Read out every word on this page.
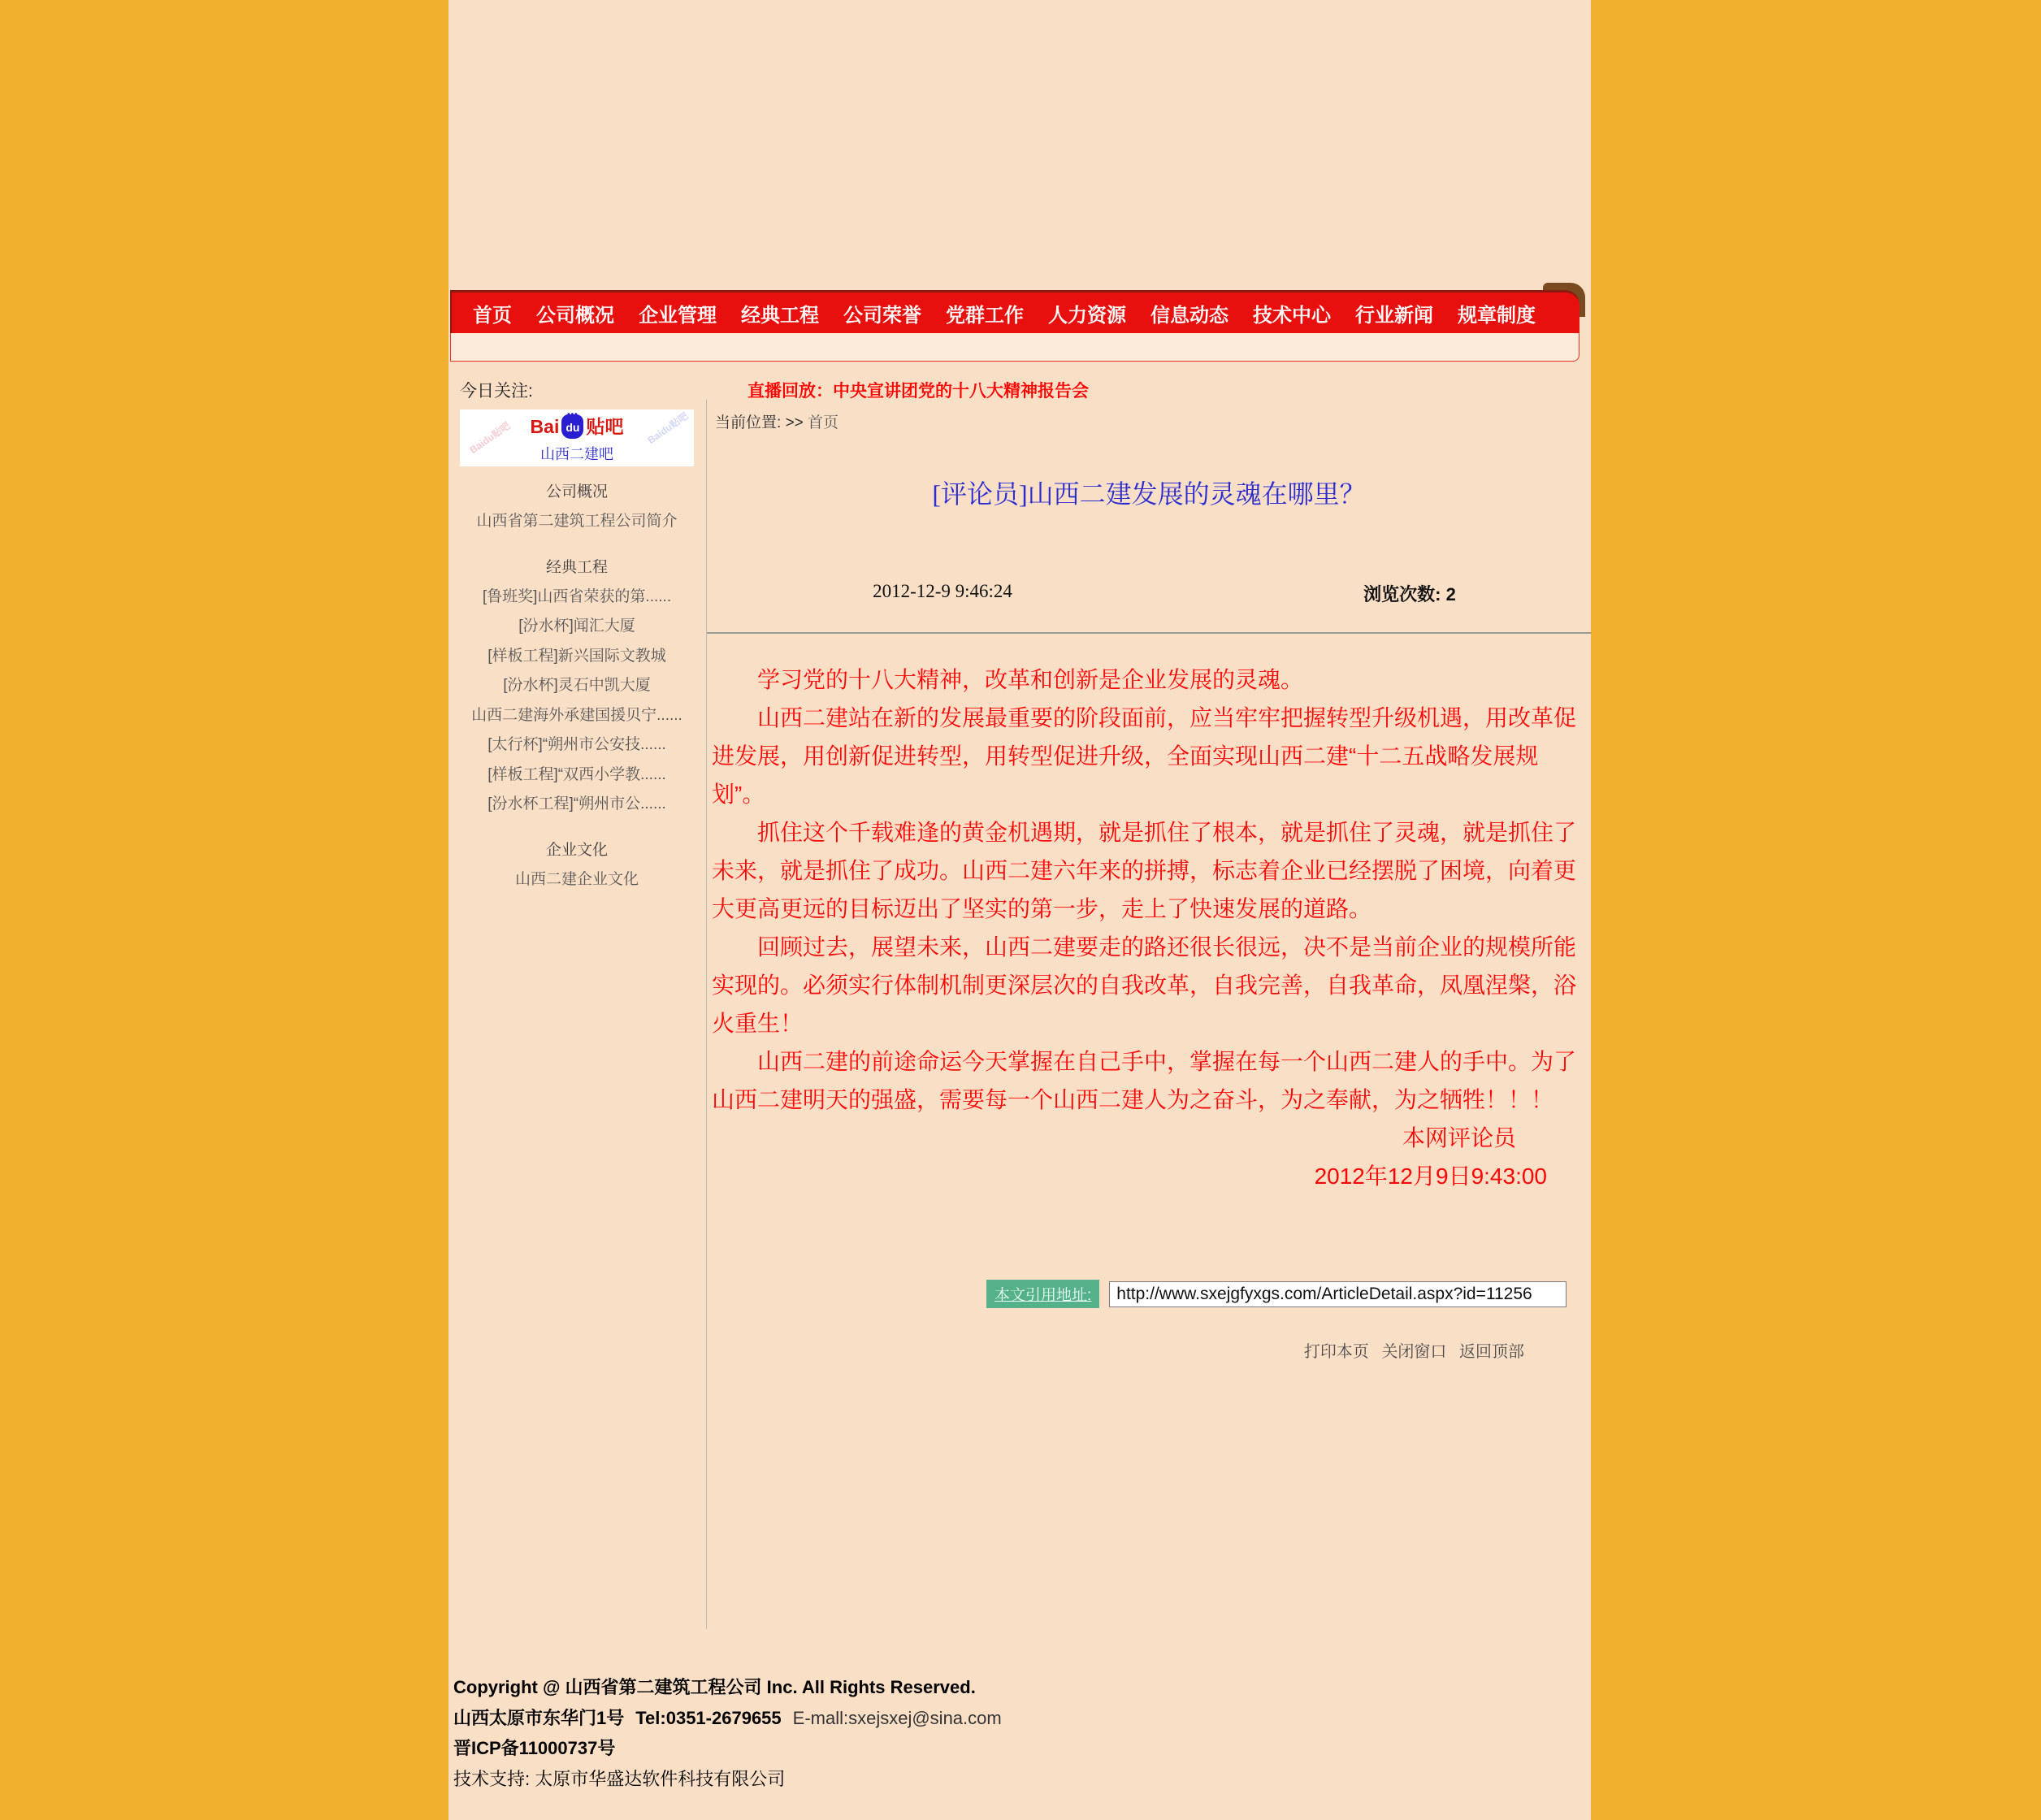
首页 公司概况 企业管理 经典工程 公司荣誉 党群工作 人力资源 信息动态 技术中心 行业新闻 规章制度
今日关注:	直播回放：中央宣讲团党的十八大精神报告会
Baidu贴吧	Baidu贴吧
Bai ••• du 贴吧
山西二建吧
公司概况
山西省第二建筑工程公司简介
经典工程
[鲁班奖]山西省荣获的第......
[汾水杯]闻汇大厦
[样板工程]新兴国际文教城
[汾水杯]灵石中凯大厦
山西二建海外承建国援贝宁......
[太行杯]“朔州市公安技......
[样板工程]“双西小学教......
[汾水杯工程]“朔州市公......
企业文化
山西二建企业文化
当前位置: >> 首页
[评论员]山西二建发展的灵魂在哪里？
2012-12-9 9:46:24	浏览次数: 2

学习党的十八大精神，改革和创新是企业发展的灵魂。

山西二建站在新的发展最重要的阶段面前，应当牢牢把握转型升级机遇，用改革促进发展，用创新促进转型，用转型促进升级，全面实现山西二建“十二五战略发展规划”。

抓住这个千载难逢的黄金机遇期，就是抓住了根本，就是抓住了灵魂，就是抓住了未来，就是抓住了成功。山西二建六年来的拼搏，标志着企业已经摆脱了困境，向着更大更高更远的目标迈出了坚实的第一步，走上了快速发展的道路。

回顾过去，展望未来，山西二建要走的路还很长很远，决不是当前企业的规模所能实现的。必须实行体制机制更深层次的自我改革，自我完善，自我革命，凤凰涅槃，浴火重生！

山西二建的前途命运今天掌握在自己手中，掌握在每一个山西二建人的手中。为了山西二建明天的强盛，需要每一个山西二建人为之奋斗，为之奉献，为之牺牲！！！

本网评论员

2012年12月9日9:43:00

本文引用地址:
http://www.sxejgfyxgs.com/ArticleDetail.aspx?id=11256
打印本页 关闭窗口 返回顶部
Copyright @ 山西省第二建筑工程公司 Inc. All Rights Reserved.
山西太原市东华门1号 Tel:0351-2679655 E-mall:sxejsxej@sina.com
晋ICP备11000737号
技术支持: 太原市华盛达软件科技有限公司
